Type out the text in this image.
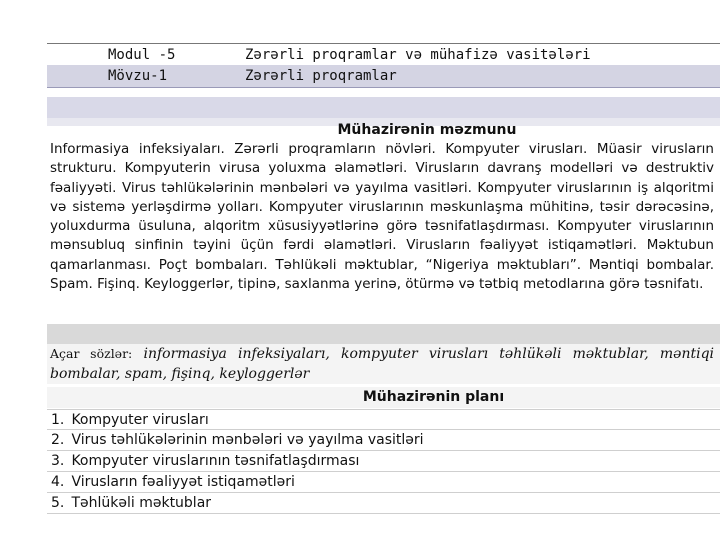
Modul -5	Zərərli proqramlar və mühafizə vasitələri
Mövzu-1	Zərərli proqramlar
Mühazirənin məzmunu
Informasiya infeksiyaları. Zərərli proqramların növləri. Kompyuter virusları. Müasir virusların strukturu. Kompyuterin virusa yoluxma əlamətləri. Virusların davranş modelləri və destruktiv fəaliyyəti. Virus təhlükələrinin mənbələri və yayılma vasitləri. Kompyuter viruslarının iş alqoritmi və sistemə yerləşdirmə yolları. Kompyuter viruslarının məskunlaşma mühitinə, təsir dərəcəsinə, yoluxdurma üsuluna, alqoritm xüsusiyyətlərinə görə təsnifatlaşdırması. Kompyuter viruslarının mənsubluq sinfinin təyini üçün fərdi əlamətləri. Virusların fəaliyyət istiqamətləri. Məktubun qamarlanması. Poçt bombaları. Təhlükəli məktublar, “Nigeriya məktubları”. Məntiqi bombalar. Spam. Fişinq. Keyloggerlər, tipinə, saxlanma yerinə, ötürmə və tətbiq metodlarına görə təsnifatı.
Açar sözlər: informasiya infeksiyaları, kompyuter virusları təhlükəli məktublar, məntiqi bombalar, spam, fişinq, keyloggerlər
Mühazirənin planı
1. Kompyuter virusları
2. Virus təhlükələrinin mənbələri və yayılma vasitləri
3. Kompyuter viruslarının təsnifatlaşdırması
4. Virusların fəaliyyət istiqamətləri
5. Təhlükəli məktublar
